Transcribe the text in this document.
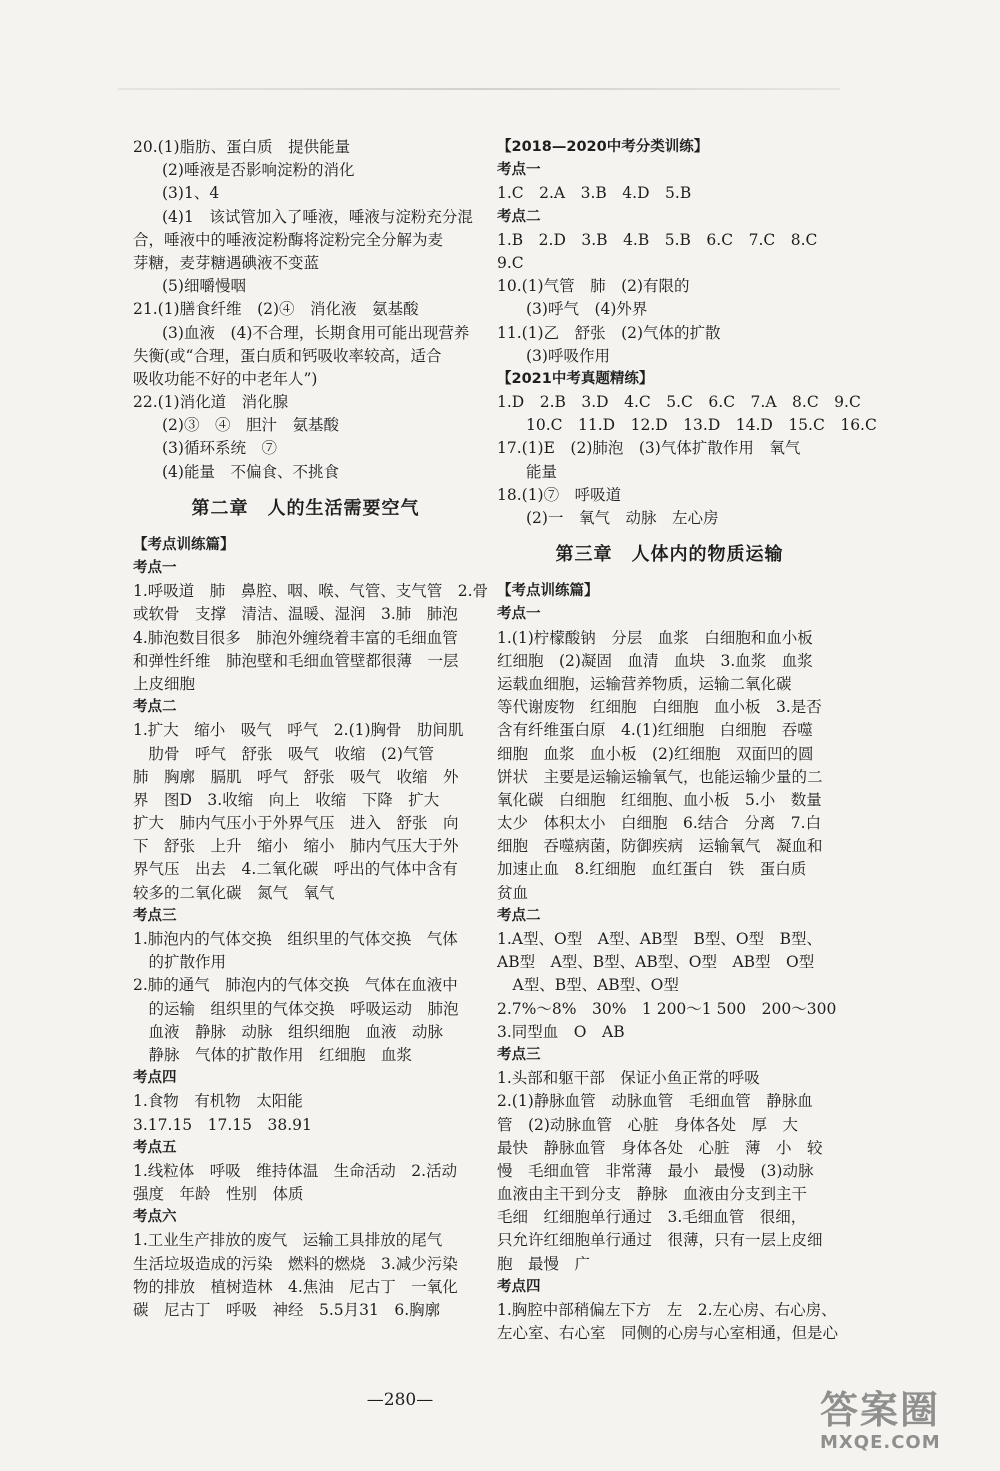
20.(1)脂肪、蛋白质　提供能量
(2)唾液是否影响淀粉的消化
(3)1、4
(4)1　该试管加入了唾液，唾液与淀粉充分混
合，唾液中的唾液淀粉酶将淀粉完全分解为麦
芽糖，麦芽糖遇碘液不变蓝
(5)细嚼慢咽
21.(1)膳食纤维　(2)④　消化液　氨基酸
(3)血液　(4)不合理，长期食用可能出现营养
失衡(或“合理，蛋白质和钙吸收率较高，适合
吸收功能不好的中老年人”)
22.(1)消化道　消化腺
(2)③　④　胆汁　氨基酸
(3)循环系统　⑦
(4)能量　不偏食、不挑食
第二章　人的生活需要空气
【考点训练篇】
考点一
1.呼吸道　肺　鼻腔、咽、喉、气管、支气管　2.骨
或软骨　支撑　清洁、温暖、湿润　3.肺　肺泡
4.肺泡数目很多　肺泡外缠绕着丰富的毛细血管
和弹性纤维　肺泡壁和毛细血管壁都很薄　一层
上皮细胞
考点二
1.扩大　缩小　吸气　呼气　2.(1)胸骨　肋间肌
　肋骨　呼气　舒张　吸气　收缩　(2)气管
肺　胸廓　膈肌　呼气　舒张　吸气　收缩　外
界　图D　3.收缩　向上　收缩　下降　扩大
扩大　肺内气压小于外界气压　进入　舒张　向
下　舒张　上升　缩小　缩小　肺内气压大于外
界气压　出去　4.二氧化碳　呼出的气体中含有
较多的二氧化碳　氮气　氧气
考点三
1.肺泡内的气体交换　组织里的气体交换　气体
　的扩散作用
2.肺的通气　肺泡内的气体交换　气体在血液中
　的运输　组织里的气体交换　呼吸运动　肺泡
　血液　静脉　动脉　组织细胞　血液　动脉
　静脉　气体的扩散作用　红细胞　血浆
考点四
1.食物　有机物　太阳能
3.17.15　17.15　38.91
考点五
1.线粒体　呼吸　维持体温　生命活动　2.活动
强度　年龄　性别　体质
考点六
1.工业生产排放的废气　运输工具排放的尾气
生活垃圾造成的污染　燃料的燃烧　3.减少污染
物的排放　植树造林　4.焦油　尼古丁　一氧化
碳　尼古丁　呼吸　神经　5.5月31　6.胸廓
【2018—2020中考分类训练】
考点一
1.C　2.A　3.B　4.D　5.B
考点二
1.B　2.D　3.B　4.B　5.B　6.C　7.C　8.C
9.C
10.(1)气管　肺　(2)有限的
(3)呼气　(4)外界
11.(1)乙　舒张　(2)气体的扩散
(3)呼吸作用
【2021中考真题精练】
1.D　2.B　3.D　4.C　5.C　6.C　7.A　8.C　9.C
10.C　11.D　12.D　13.D　14.D　15.C　16.C
17.(1)E　(2)肺泡　(3)气体扩散作用　氧气
能量
18.(1)⑦　呼吸道
(2)一　氧气　动脉　左心房
第三章　人体内的物质运输
【考点训练篇】
考点一
1.(1)柠檬酸钠　分层　血浆　白细胞和血小板
红细胞　(2)凝固　血清　血块　3.血浆　血浆
运载血细胞，运输营养物质，运输二氧化碳
等代谢废物　红细胞　白细胞　血小板　3.是否
含有纤维蛋白原　4.(1)红细胞　白细胞　吞噬
细胞　血浆　血小板　(2)红细胞　双面凹的圆
饼状　主要是运输运输氧气，也能运输少量的二
氧化碳　白细胞　红细胞、血小板　5.小　数量
太少　体积太小　白细胞　6.结合　分离　7.白
细胞　吞噬病菌，防御疾病　运输氧气　凝血和
加速止血　8.红细胞　血红蛋白　铁　蛋白质
贫血
考点二
1.A型、O型　A型、AB型　B型、O型　B型、
AB型　A型、B型、AB型、O型　AB型　O型
　A型、B型、AB型、O型
2.7%～8%　30%　1 200～1 500　200～300
3.同型血　O　AB
考点三
1.头部和躯干部　保证小鱼正常的呼吸
2.(1)静脉血管　动脉血管　毛细血管　静脉血
管　(2)动脉血管　心脏　身体各处　厚　大
最快　静脉血管　身体各处　心脏　薄　小　较
慢　毛细血管　非常薄　最小　最慢　(3)动脉
血液由主干到分支　静脉　血液由分支到主干
毛细　红细胞单行通过　3.毛细血管　很细，
只允许红细胞单行通过　很薄，只有一层上皮细
胞　最慢　广
考点四
1.胸腔中部稍偏左下方　左　2.左心房、右心房、
左心室、右心室　同侧的心房与心室相通，但是心
—280—	答案圈
MXQE.COM
